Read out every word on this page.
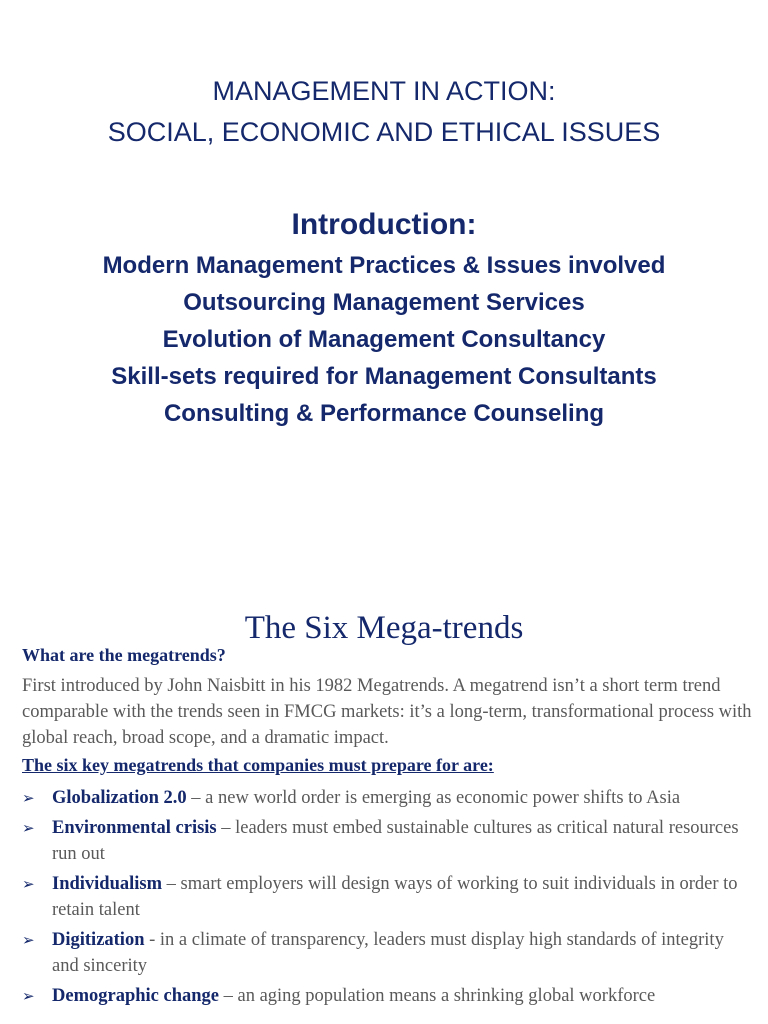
MANAGEMENT IN ACTION:
SOCIAL, ECONOMIC AND ETHICAL ISSUES
Introduction:
Modern Management Practices & Issues involved
Outsourcing Management Services
Evolution of Management Consultancy
Skill-sets required for Management Consultants
Consulting & Performance Counseling
The Six Mega-trends
What are the megatrends?
First introduced by John Naisbitt in his 1982 Megatrends. A megatrend isn’t a short term trend comparable with the trends seen in FMCG markets: it’s a long-term, transformational process with global reach, broad scope, and a dramatic impact.
The six key megatrends that companies must prepare for are:
➢ Globalization 2.0 – a new world order is emerging as economic power shifts to Asia
➢ Environmental crisis – leaders must embed sustainable cultures as critical natural resources run out
➢ Individualism – smart employers will design ways of working to suit individuals in order to retain talent
➢ Digitization - in a climate of transparency, leaders must display high standards of integrity and sincerity
➢ Demographic change – an aging population means a shrinking global workforce
